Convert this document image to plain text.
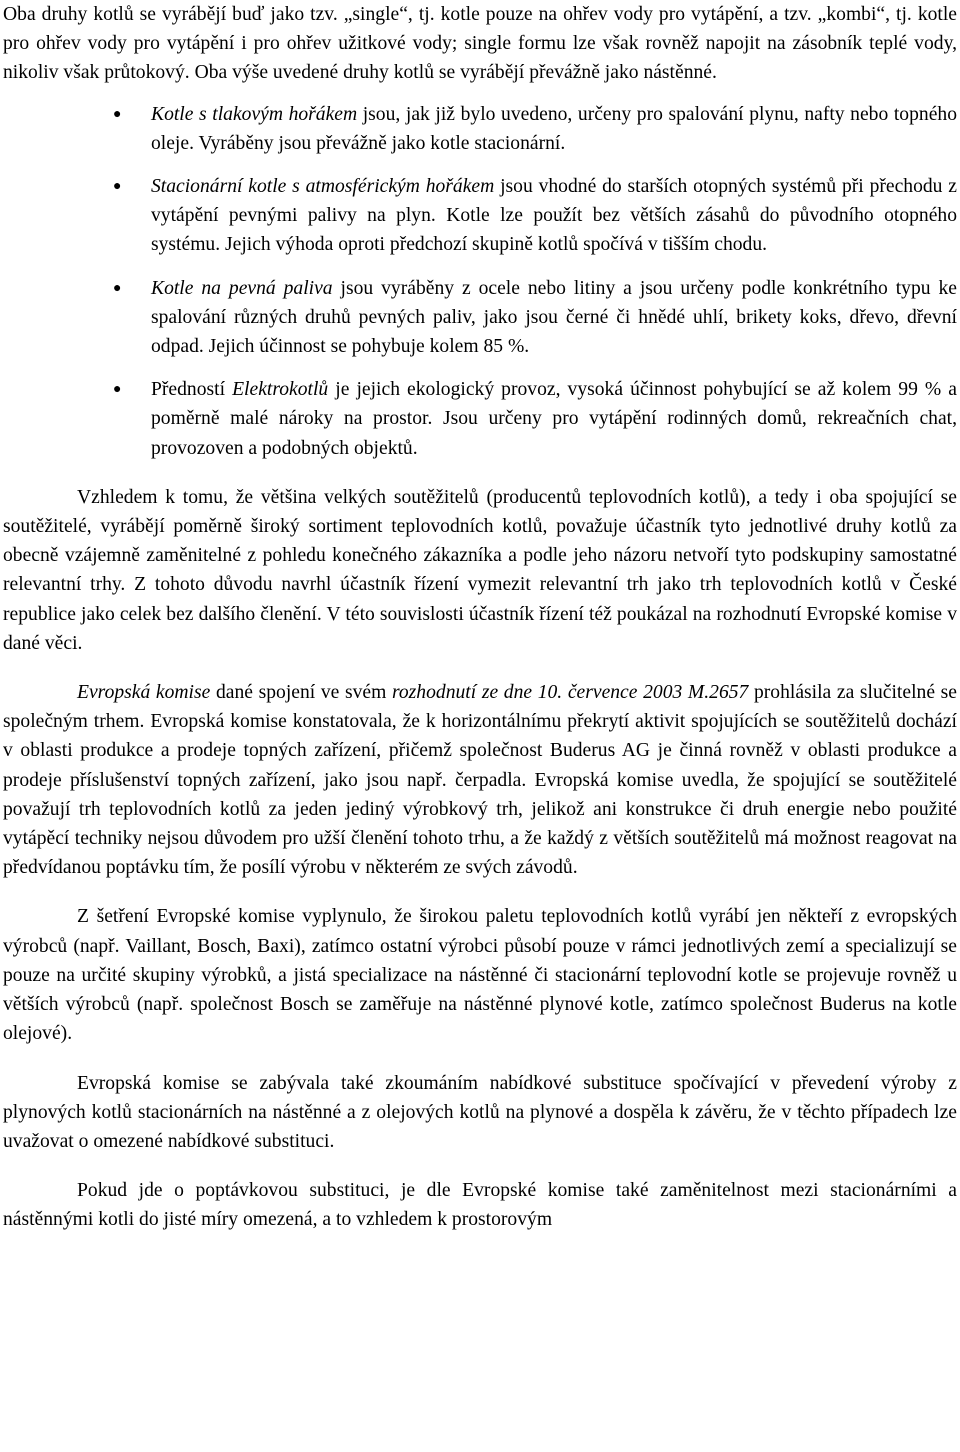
Oba druhy kotlů se vyrábějí buď jako tzv. „single“, tj. kotle pouze na ohřev vody pro vytápění, a tzv. „kombi“, tj. kotle pro ohřev vody pro vytápění i pro ohřev užitkové vody; single formu lze však rovněž napojit na zásobník teplé vody, nikoliv však průtokový. Oba výše uvedené druhy kotlů se vyrábějí převážně jako nástěnné.

● Kotle s tlakovým hořákem jsou, jak již bylo uvedeno, určeny pro spalování plynu, nafty nebo topného oleje. Vyráběny jsou převážně jako kotle stacionární.
● Stacionární kotle s atmosférickým hořákem jsou vhodné do starších otopných systémů při přechodu z vytápění pevnými palivy na plyn. Kotle lze použít bez větších zásahů do původního otopného systému. Jejich výhoda oproti předchozí skupině kotlů spočívá v tišším chodu.
● Kotle na pevná paliva jsou vyráběny z ocele nebo litiny a jsou určeny podle konkrétního typu ke spalování různých druhů pevných paliv, jako jsou černé či hnědé uhlí, brikety koks, dřevo, dřevní odpad. Jejich účinnost se pohybuje kolem 85 %.
● Předností Elektrokotlů je jejich ekologický provoz, vysoká účinnost pohybující se až kolem 99 % a poměrně malé nároky na prostor. Jsou určeny pro vytápění rodinných domů, rekreačních chat, provozoven a podobných objektů.

Vzhledem k tomu, že většina velkých soutěžitelů (producentů teplovodních kotlů), a tedy i oba spojující se soutěžitelé, vyrábějí poměrně široký sortiment teplovodních kotlů, považuje účastník tyto jednotlivé druhy kotlů za obecně vzájemně zaměnitelné z pohledu konečného zákazníka a podle jeho názoru netvoří tyto podskupiny samostatné relevantní trhy. Z tohoto důvodu navrhl účastník řízení vymezit relevantní trh jako trh teplovodních kotlů v České republice jako celek bez dalšího členění. V této souvislosti účastník řízení též poukázal na rozhodnutí Evropské komise v dané věci.

Evropská komise dané spojení ve svém rozhodnutí ze dne 10. července 2003 M.2657 prohlásila za slučitelné se společným trhem. Evropská komise konstatovala, že k horizontálnímu překrytí aktivit spojujících se soutěžitelů dochází v oblasti produkce a prodeje topných zařízení, přičemž společnost Buderus AG je činná rovněž v oblasti produkce a prodeje příslušenství topných zařízení, jako jsou např. čerpadla. Evropská komise uvedla, že spojující se soutěžitelé považují trh teplovodních kotlů za jeden jediný výrobkový trh, jelikož ani konstrukce či druh energie nebo použité vytápěcí techniky nejsou důvodem pro užší členění tohoto trhu, a že každý z větších soutěžitelů má možnost reagovat na předvídanou poptávku tím, že posílí výrobu v některém ze svých závodů.

Z šetření Evropské komise vyplynulo, že širokou paletu teplovodních kotlů vyrábí jen někteří z evropských výrobců (např. Vaillant, Bosch, Baxi), zatímco ostatní výrobci působí pouze v rámci jednotlivých zemí a specializují se pouze na určité skupiny výrobků, a jistá specializace na nástěnné či stacionární teplovodní kotle se projevuje rovněž u větších výrobců (např. společnost Bosch se zaměřuje na nástěnné plynové kotle, zatímco společnost Buderus na kotle olejové).

Evropská komise se zabývala také zkoumáním nabídkové substituce spočívající v převedení výroby z plynových kotlů stacionárních na nástěnné a z olejových kotlů na plynové a dospěla k závěru, že v těchto případech lze uvažovat o omezené nabídkové substituci.

Pokud jde o poptávkovou substituci, je dle Evropské komise také zaměnitelnost mezi stacionárními a nástěnnými kotli do jisté míry omezená, a to vzhledem k prostorovým
